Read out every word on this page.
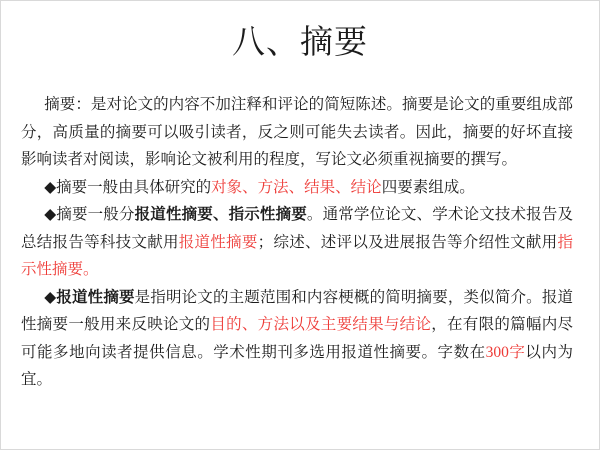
八、摘要

摘要：是对论文的内容不加注释和评论的简短陈述。摘要是论文的重要组成部分，高质量的摘要可以吸引读者，反之则可能失去读者。因此，摘要的好坏直接影响读者对阅读，影响论文被利用的程度，写论文必须重视摘要的撰写。

◆摘要一般由具体研究的对象、方法、结果、结论四要素组成。

◆摘要一般分报道性摘要、指示性摘要。通常学位论文、学术论文技术报告及总结报告等科技文献用报道性摘要；综述、述评以及进展报告等介绍性文献用指示性摘要。

◆报道性摘要是指明论文的主题范围和内容梗概的简明摘要，类似简介。报道性摘要一般用来反映论文的目的、方法以及主要结果与结论，在有限的篇幅内尽可能多地向读者提供信息。学术性期刊多选用报道性摘要。字数在300字以内为宜。
